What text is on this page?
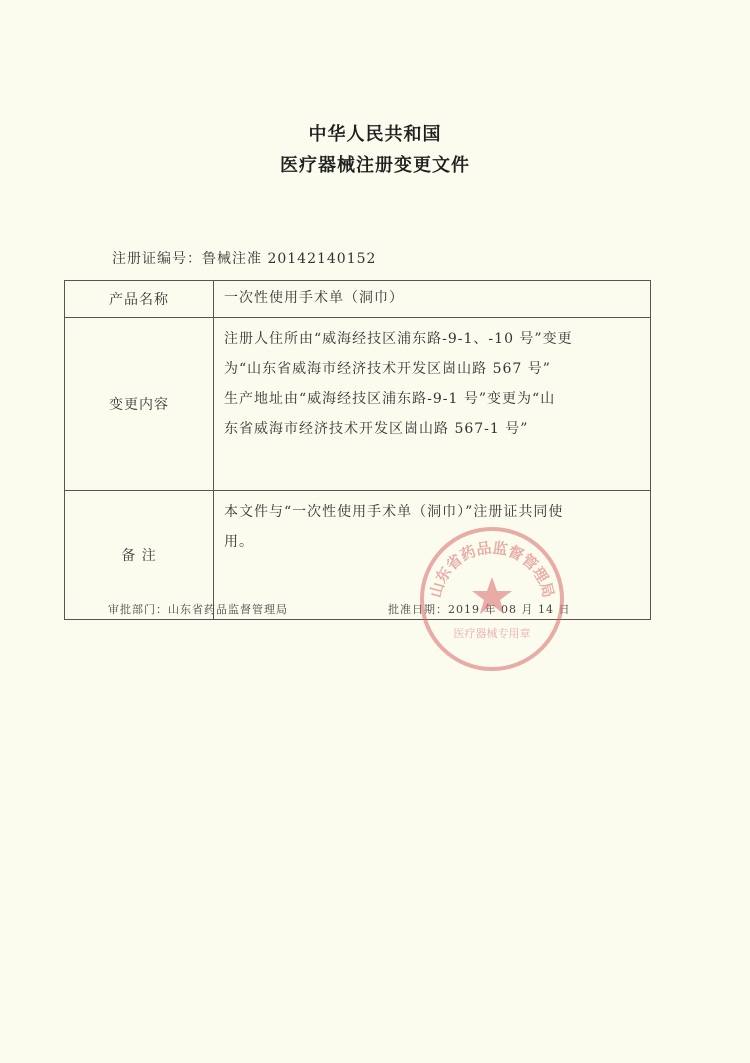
中华人民共和国
医疗器械注册变更文件
注册证编号：鲁械注准 20142140152
产品名称	一次性使用手术单（洞巾）
变更内容	注册人住所由“威海经技区浦东路-9-1、-10 号”变更
为“山东省威海市经济技术开发区崮山路 567 号”
生产地址由“威海经技区浦东路-9-1 号”变更为“山
东省威海市经济技术开发区崮山路 567-1 号”

备 注	本文件与“一次性使用手术单（洞巾）”注册证共同使
用。
审批部门：山东省药品监督管理局	批准日期：2019 年 08 月 14 日
山东省药品监督管理局
医疗器械专用章
